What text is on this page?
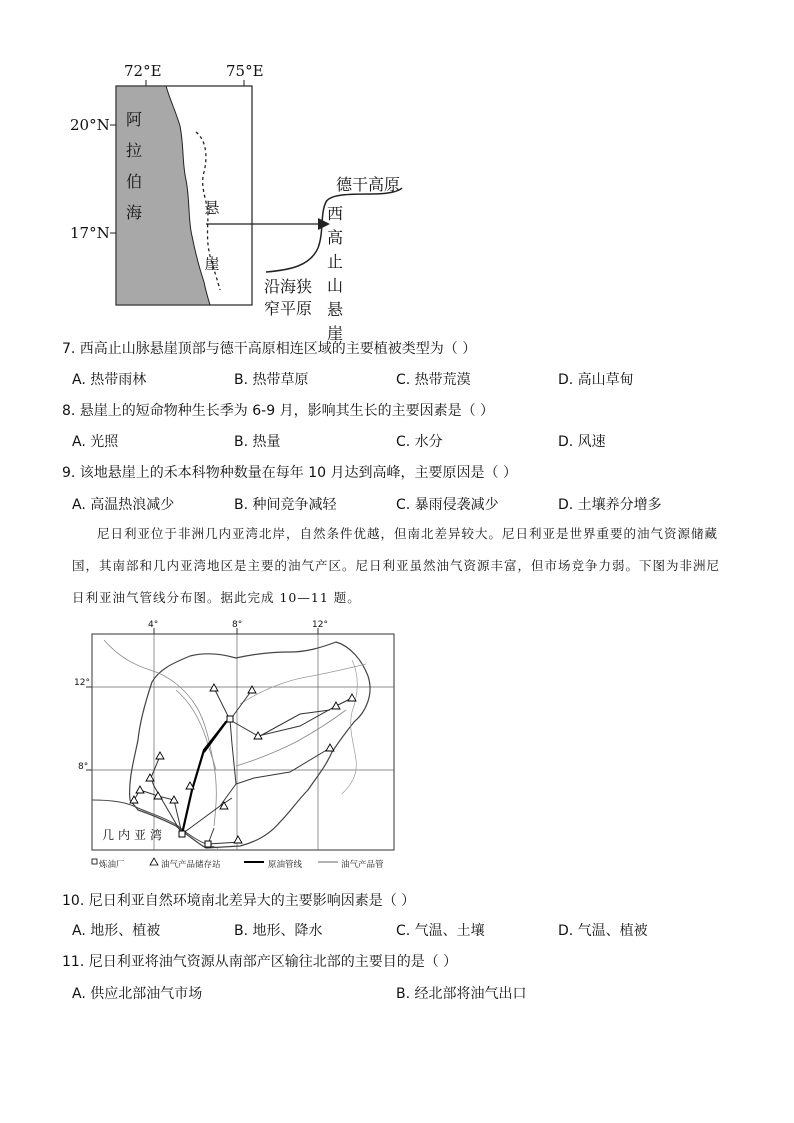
72°E	75°E
20°N
17°N
阿拉伯海	悬崖
德干高原
西高止山悬崖
沿海狭
窄平原
7. 西高止山脉悬崖顶部与德干高原相连区域的主要植被类型为（ ）
A. 热带雨林	B. 热带草原	C. 热带荒漠	D. 高山草甸
8. 悬崖上的短命物种生长季为 6-9 月，影响其生长的主要因素是（ ）
A. 光照	B. 热量	C. 水分	D. 风速
9. 该地悬崖上的禾本科物种数量在每年 10 月达到高峰，主要原因是（ ）
A. 高温热浪减少	B. 种间竞争减轻	C. 暴雨侵袭减少	D. 土壤养分增多
尼日利亚位于非洲几内亚湾北岸，自然条件优越，但南北差异较大。尼日利亚是世界重要的油气资源储藏国，其南部和几内亚湾地区是主要的油气产区。尼日利亚虽然油气资源丰富，但市场竞争力弱。下图为非洲尼日利亚油气管线分布图。据此完成 10—11 题。
4°	8°	12°
12°
8°
几内亚湾
炼油厂	油气产品储存站	原油管线	油气产品管
10. 尼日利亚自然环境南北差异大的主要影响因素是（ ）
A. 地形、植被	B. 地形、降水	C. 气温、土壤	D. 气温、植被
11. 尼日利亚将油气资源从南部产区输往北部的主要目的是（ ）
A. 供应北部油气市场	B. 经北部将油气出口
